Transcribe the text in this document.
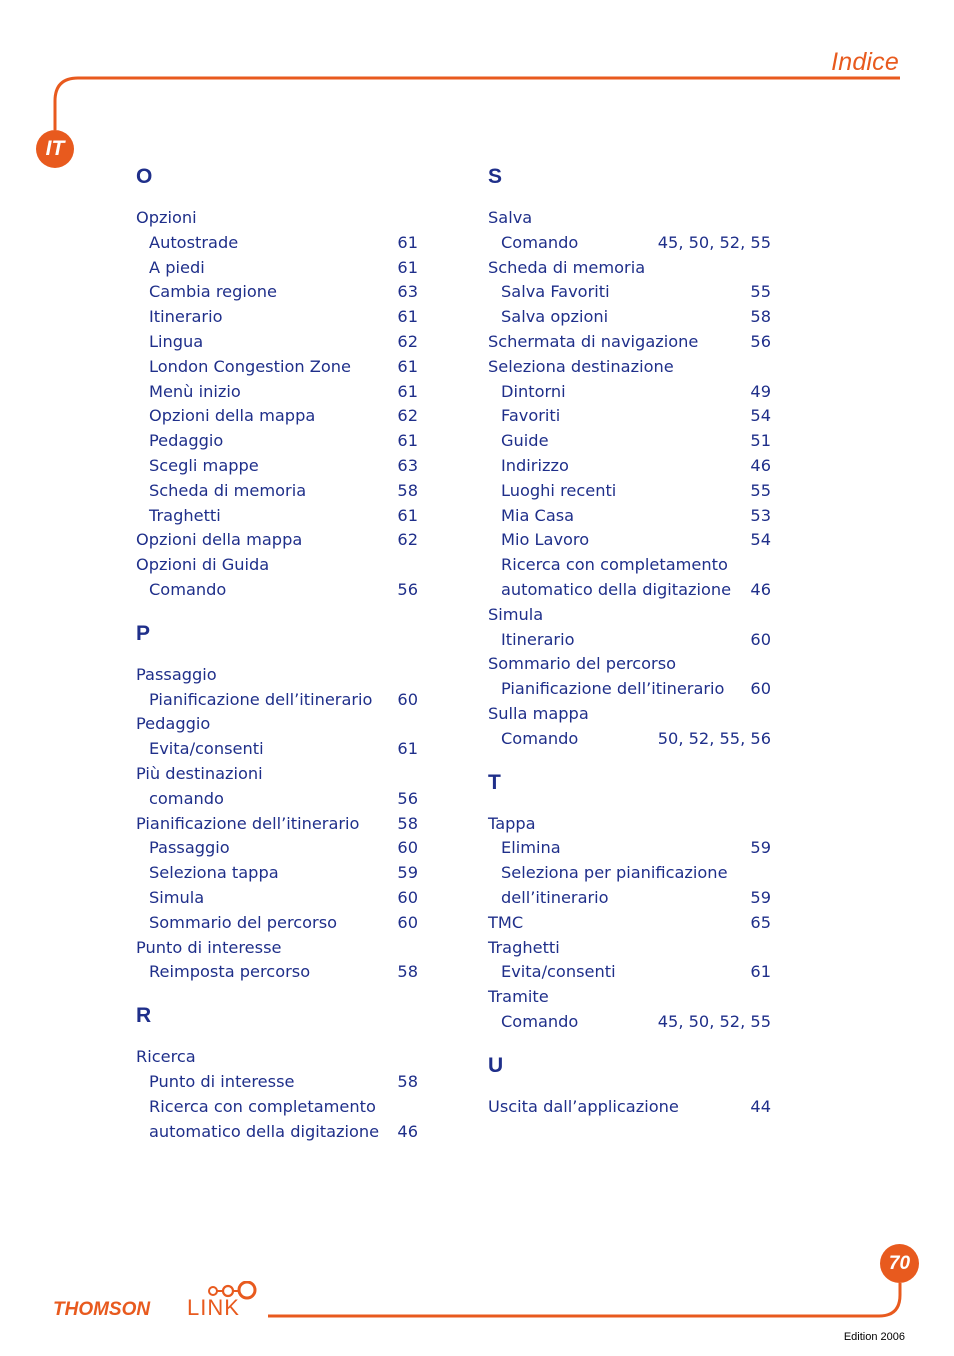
Indice
IT
O
Opzioni
Autostrade	61
A piedi	61
Cambia regione	63
Itinerario	61
Lingua	62
London Congestion Zone	61
Menù inizio	61
Opzioni della mappa	62
Pedaggio	61
Scegli mappe	63
Scheda di memoria	58
Traghetti	61
Opzioni della mappa	62
Opzioni di Guida
Comando	56
P
Passaggio
Pianificazione dell’itinerario 60
Pedaggio
Evita/consenti	61
Più destinazioni
comando	56
Pianificazione dell’itinerario 58
Passaggio	60
Seleziona tappa	59
Simula	60
Sommario del percorso	60
Punto di interesse
Reimposta percorso	58
R
Ricerca
Punto di interesse	58
Ricerca con completamento
automatico della digitazione 46
S
Salva
Comando	45, 50, 52, 55
Scheda di memoria
Salva Favoriti	55
Salva opzioni	58
Schermata di navigazione	56
Seleziona destinazione
Dintorni	49
Favoriti	54
Guide	51
Indirizzo	46
Luoghi recenti	55
Mia Casa	53
Mio Lavoro	54
Ricerca con completamento
automatico della digitazione 46
Simula
Itinerario	60
Sommario del percorso
Pianificazione dell’itinerario 60
Sulla mappa
Comando	50, 52, 55, 56
T
Tappa
Elimina	59
Seleziona per pianificazione
dell’itinerario	59
TMC	65
Traghetti
Evita/consenti	61
Tramite
Comando	45, 50, 52, 55
U
Uscita dall’applicazione	44
70
THOMSON LINK
Edition 2006
